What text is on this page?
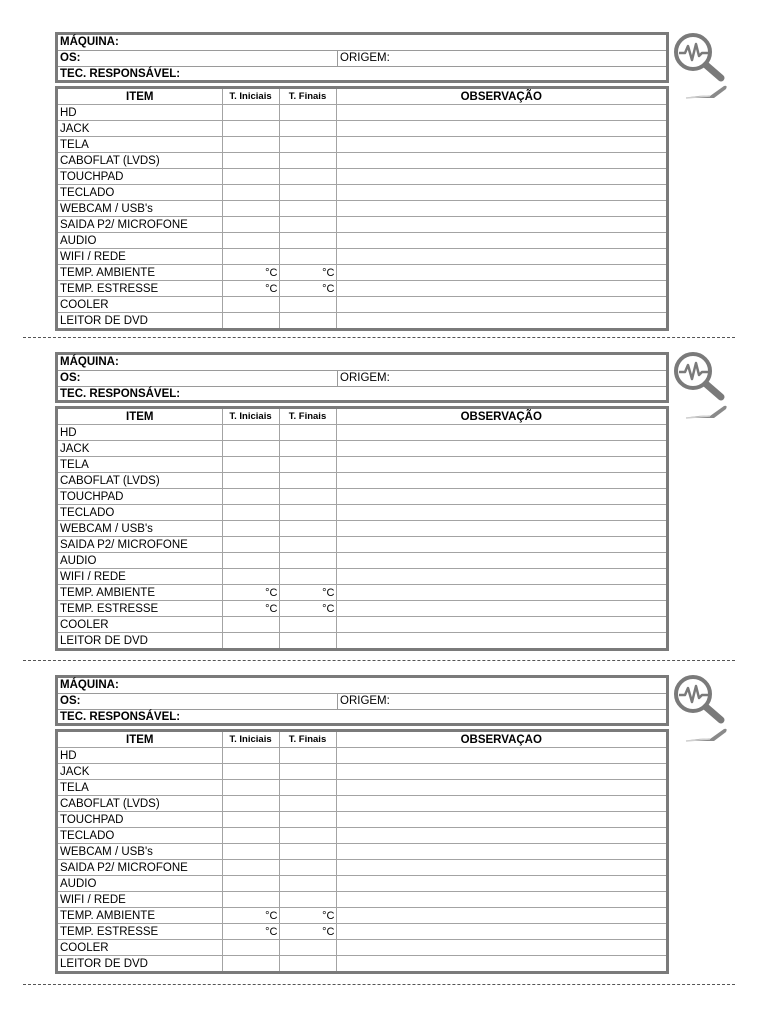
MÁQUINA:
OS:	ORIGEM:
TEC. RESPONSÁVEL:
ITEM	T. Iniciais	T. Finais	OBSERVAÇÃO
HD			
JACK			
TELA			
CABOFLAT (LVDS)			
TOUCHPAD			
TECLADO			
WEBCAM / USB's			
SAIDA P2/ MICROFONE			
AUDIO			
WIFI / REDE			
TEMP. AMBIENTE	°C	°C	
TEMP. ESTRESSE	°C	°C	
COOLER			
LEITOR DE DVD			
MÁQUINA:
OS:	ORIGEM:
TEC. RESPONSÁVEL:
ITEM	T. Iniciais	T. Finais	OBSERVAÇÃO
HD			
JACK			
TELA			
CABOFLAT (LVDS)			
TOUCHPAD			
TECLADO			
WEBCAM / USB's			
SAIDA P2/ MICROFONE			
AUDIO			
WIFI / REDE			
TEMP. AMBIENTE	°C	°C	
TEMP. ESTRESSE	°C	°C	
COOLER			
LEITOR DE DVD			
MÁQUINA:
OS:	ORIGEM:
TEC. RESPONSÁVEL:
ITEM	T. Iniciais	T. Finais	OBSERVAÇAO
HD			
JACK			
TELA			
CABOFLAT (LVDS)			
TOUCHPAD			
TECLADO			
WEBCAM / USB's			
SAIDA P2/ MICROFONE			
AUDIO			
WIFI / REDE			
TEMP. AMBIENTE	°C	°C	
TEMP. ESTRESSE	°C	°C	
COOLER			
LEITOR DE DVD			
